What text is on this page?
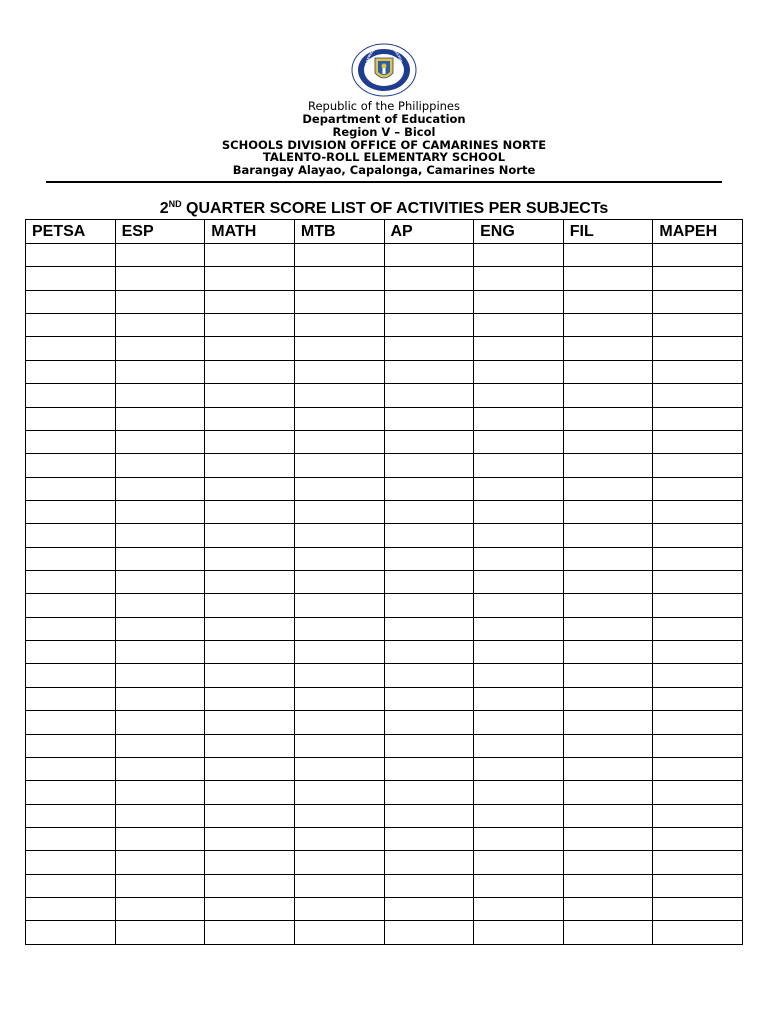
KAGAWARAN NG EDUKASYON
Republic of the Philippines
Department of Education
Region V – Bicol
SCHOOLS DIVISION OFFICE OF CAMARINES NORTE
TALENTO-ROLL ELEMENTARY SCHOOL
Barangay Alayao, Capalonga, Camarines Norte
2ND QUARTER SCORE LIST OF ACTIVITIES PER SUBJECTs
PETSA	ESP	MATH	MTB	AP	ENG	FIL	MAPEH
